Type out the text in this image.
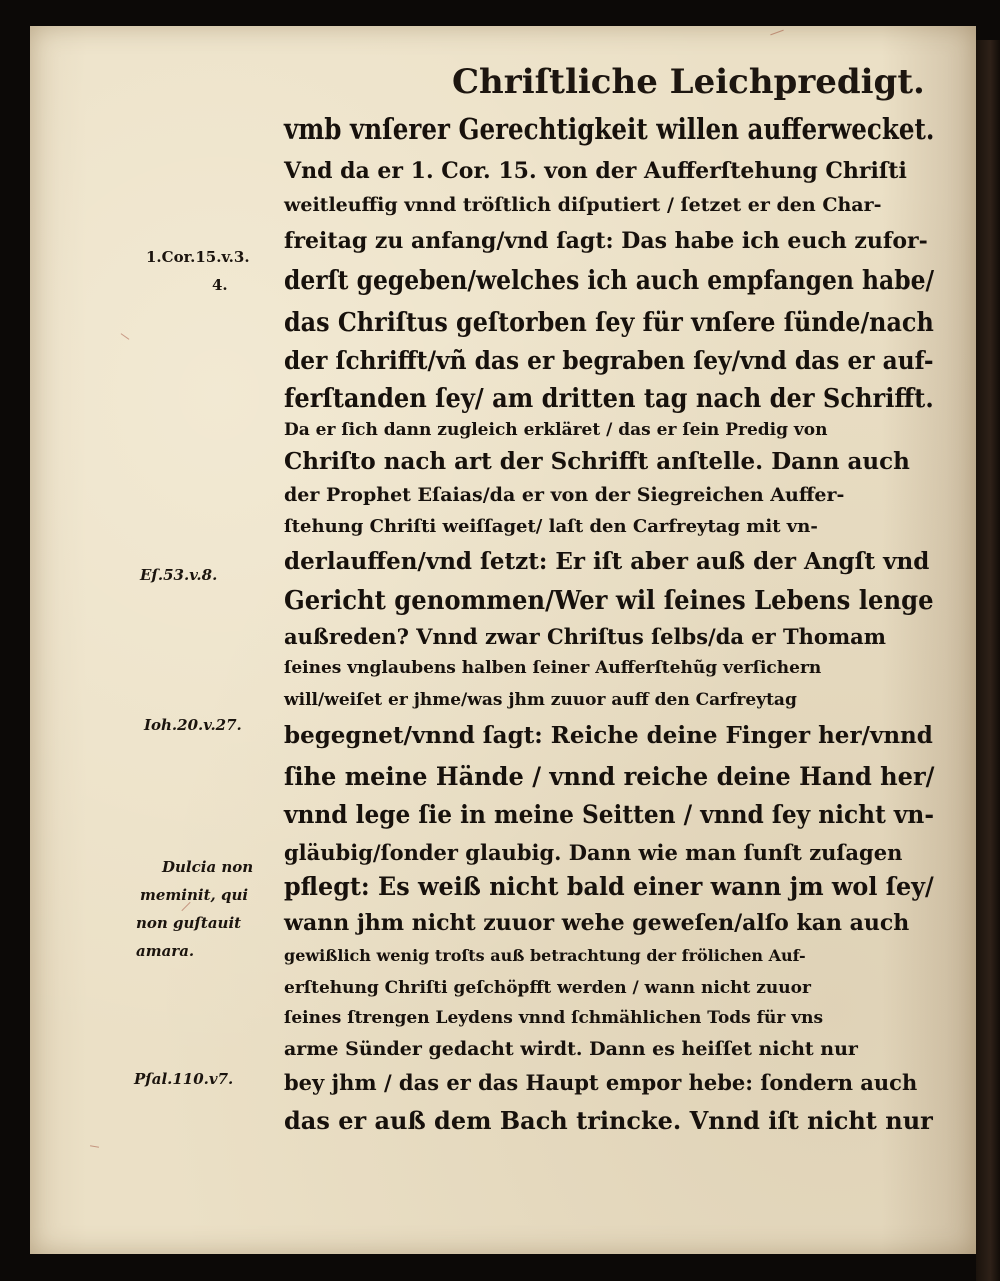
Chriſtliche Leichpredigt.
1.Cor.15.v.3.
4.
Eſ.53.v.8.
Ioh.20.v.27.
Dulcia non
meminit, qui
non guſtauit
amara.
Pſal.110.v7.
vmb vnſerer Gerechtigkeit willen aufferwecket.
Vnd da er 1. Cor. 15. von der Aufferſtehung Chriſti
weitleuffig vnnd tröſtlich diſputiert / ſetzet er den Char-
freitag zu anfang/vnd ſagt: Das habe ich euch zufor-
derſt gegeben/welches ich auch empfangen habe/
das Chriſtus geſtorben ſey für vnſere ſünde/nach
der ſchrifft/vñ das er begraben ſey/vnd das er auf-
ferſtanden ſey/ am dritten tag nach der Schrifft.
Da er ſich dann zugleich erkläret / das er ſein Predig von
Chriſto nach art der Schrifft anſtelle. Dann auch
der Prophet Eſaias/da er von der Siegreichen Auffer-
ſtehung Chriſti weiſſaget/ laſt den Carfreytag mit vn-
derlauffen/vnd ſetzt: Er iſt aber auß der Angſt vnd
Gericht genommen/Wer wil ſeines Lebens lenge
außreden? Vnnd zwar Chriſtus ſelbs/da er Thomam
ſeines vnglaubens halben ſeiner Aufferſtehũg verſichern
will/weiſet er jhme/was jhm zuuor auff den Carfreytag
begegnet/vnnd ſagt: Reiche deine Finger her/vnnd
ſihe meine Hände / vnnd reiche deine Hand her/
vnnd lege ſie in meine Seitten / vnnd ſey nicht vn-
gläubig/ſonder glaubig. Dann wie man ſunſt zuſagen
pflegt: Es weiß nicht bald einer wann jm wol ſey/
wann jhm nicht zuuor wehe geweſen/alſo kan auch
gewißlich wenig troſts auß betrachtung der frölichen Auf-
erſtehung Chriſti geſchöpfft werden / wann nicht zuuor
ſeines ſtrengen Leydens vnnd ſchmählichen Tods für vns
arme Sünder gedacht wirdt. Dann es heiſſet nicht nur
bey jhm / das er das Haupt empor hebe: ſondern auch
das er auß dem Bach trincke. Vnnd iſt nicht nur
